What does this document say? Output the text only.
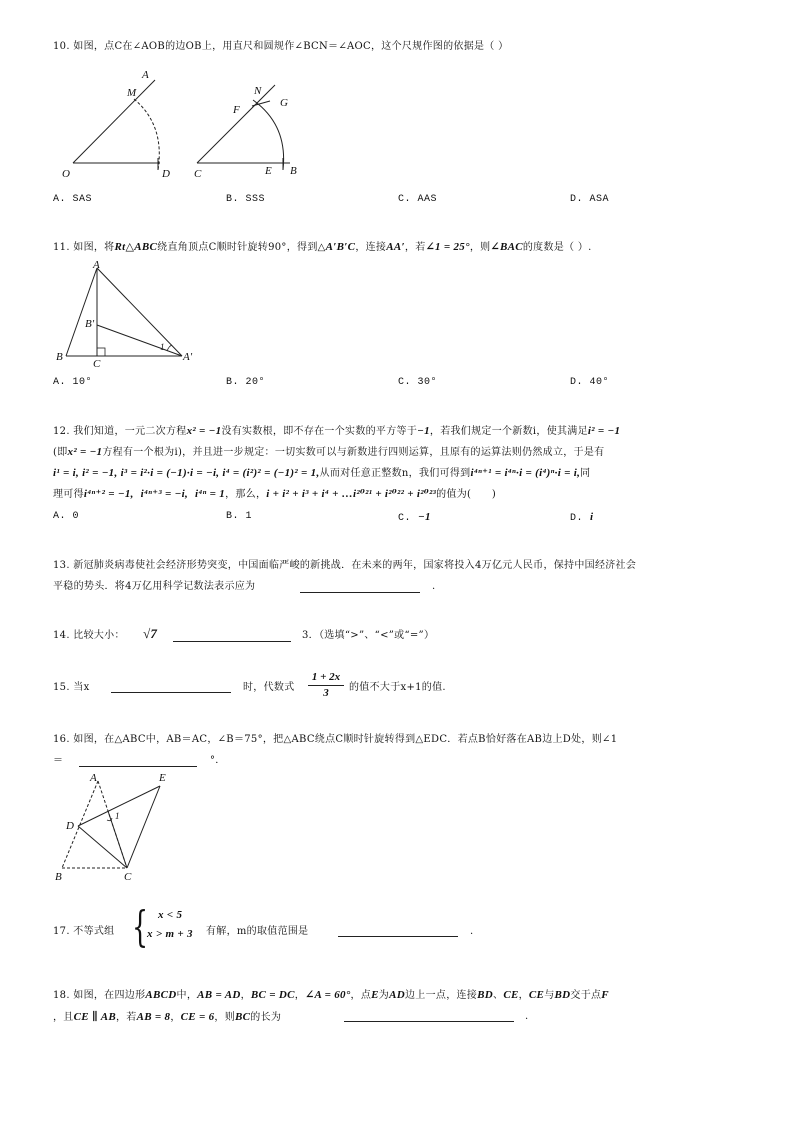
10. 如图，点C在∠AOB的边OB上，用直尺和圆规作∠BCN＝∠AOC，这个尺规作图的依据是（ ）
A
M
O	D
N
G
F
C	E B
A. SAS	B. SSS	C. AAS	D. ASA
11. 如图，将Rt△ABC绕直角顶点C顺时针旋转90°，得到△A′B′C，连接AA′，若∠1 = 25°，则∠BAC的度数是（ ）.
A
B′
B
C
A′
1
A. 10°	B. 20°	C. 30°	D. 40°
12. 我们知道，一元二次方程x² = −1没有实数根，即不存在一个实数的平方等于−1，若我们规定一个新数i，使其满足i² = −1
(即x² = −1方程有一个根为i)，并且进一步规定：一切实数可以与新数进行四则运算，且原有的运算法则仍然成立，于是有
i¹ = i, i² = −1, i³ = i²·i = (−1)·i = −i, i⁴ = (i²)² = (−1)² = 1,从而对任意正整数n，我们可得到i⁴ⁿ⁺¹ = i⁴ⁿ·i = (i⁴)ⁿ·i = i,同
理可得i⁴ⁿ⁺² = −1, i⁴ⁿ⁺³ = −i, i⁴ⁿ = 1，那么，i + i² + i³ + i⁴ + …i²⁰²¹ + i²⁰²² + i²⁰²³的值为(　　)
A. 0	B. 1	C. −1	D. i
13. 新冠肺炎病毒使社会经济形势突变，中国面临严峻的新挑战．在未来的两年，国家将投入4万亿元人民币，保持中国经济社会
平稳的势头．将4万亿用科学记数法表示应为	.
14. 比较大小： √7	3．（选填“>”、“<”或“=”）
15. 当x	时，代数式
1 + 2x
3	的值不大于x+1的值.
16. 如图，在△ABC中，AB＝AC，∠B＝75°，把△ABC绕点C顺时针旋转得到△EDC．若点B恰好落在AB边上D处，则∠1
＝	°．
A	E
D
B	C
1
17. 不等式组 { x < 5
x > m + 3 有解，m的取值范围是	.
18. 如图，在四边形ABCD中，AB = AD，BC = DC，∠A = 60°，点E为AD边上一点，连接BD、CE，CE与BD交于点F
，且CE ∥ AB，若AB = 8，CE = 6，则BC的长为	.
